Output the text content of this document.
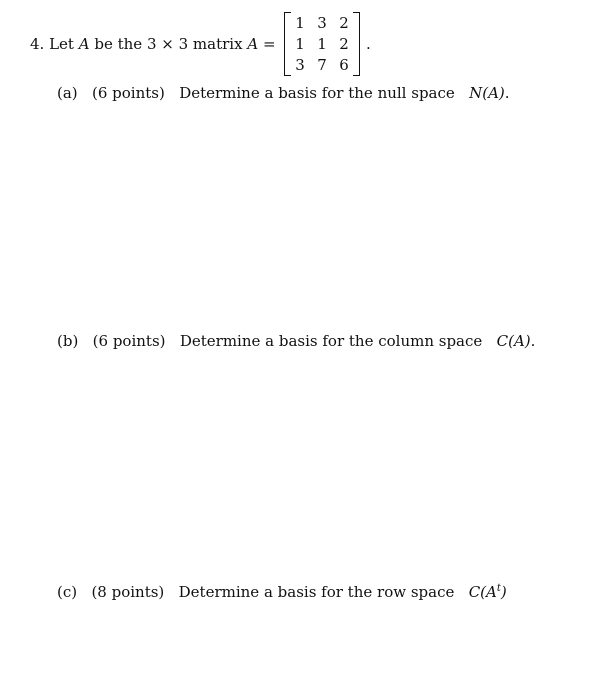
4.
Let
A
be the 3 × 3 matrix
A
=
1 3 2
1 1 2
3 7 6
.
(a) (6 points) Determine a basis for the null space N(A).
(b) (6 points) Determine a basis for the column space C(A).
(c) (8 points) Determine a basis for the row space $C(A^t)$
